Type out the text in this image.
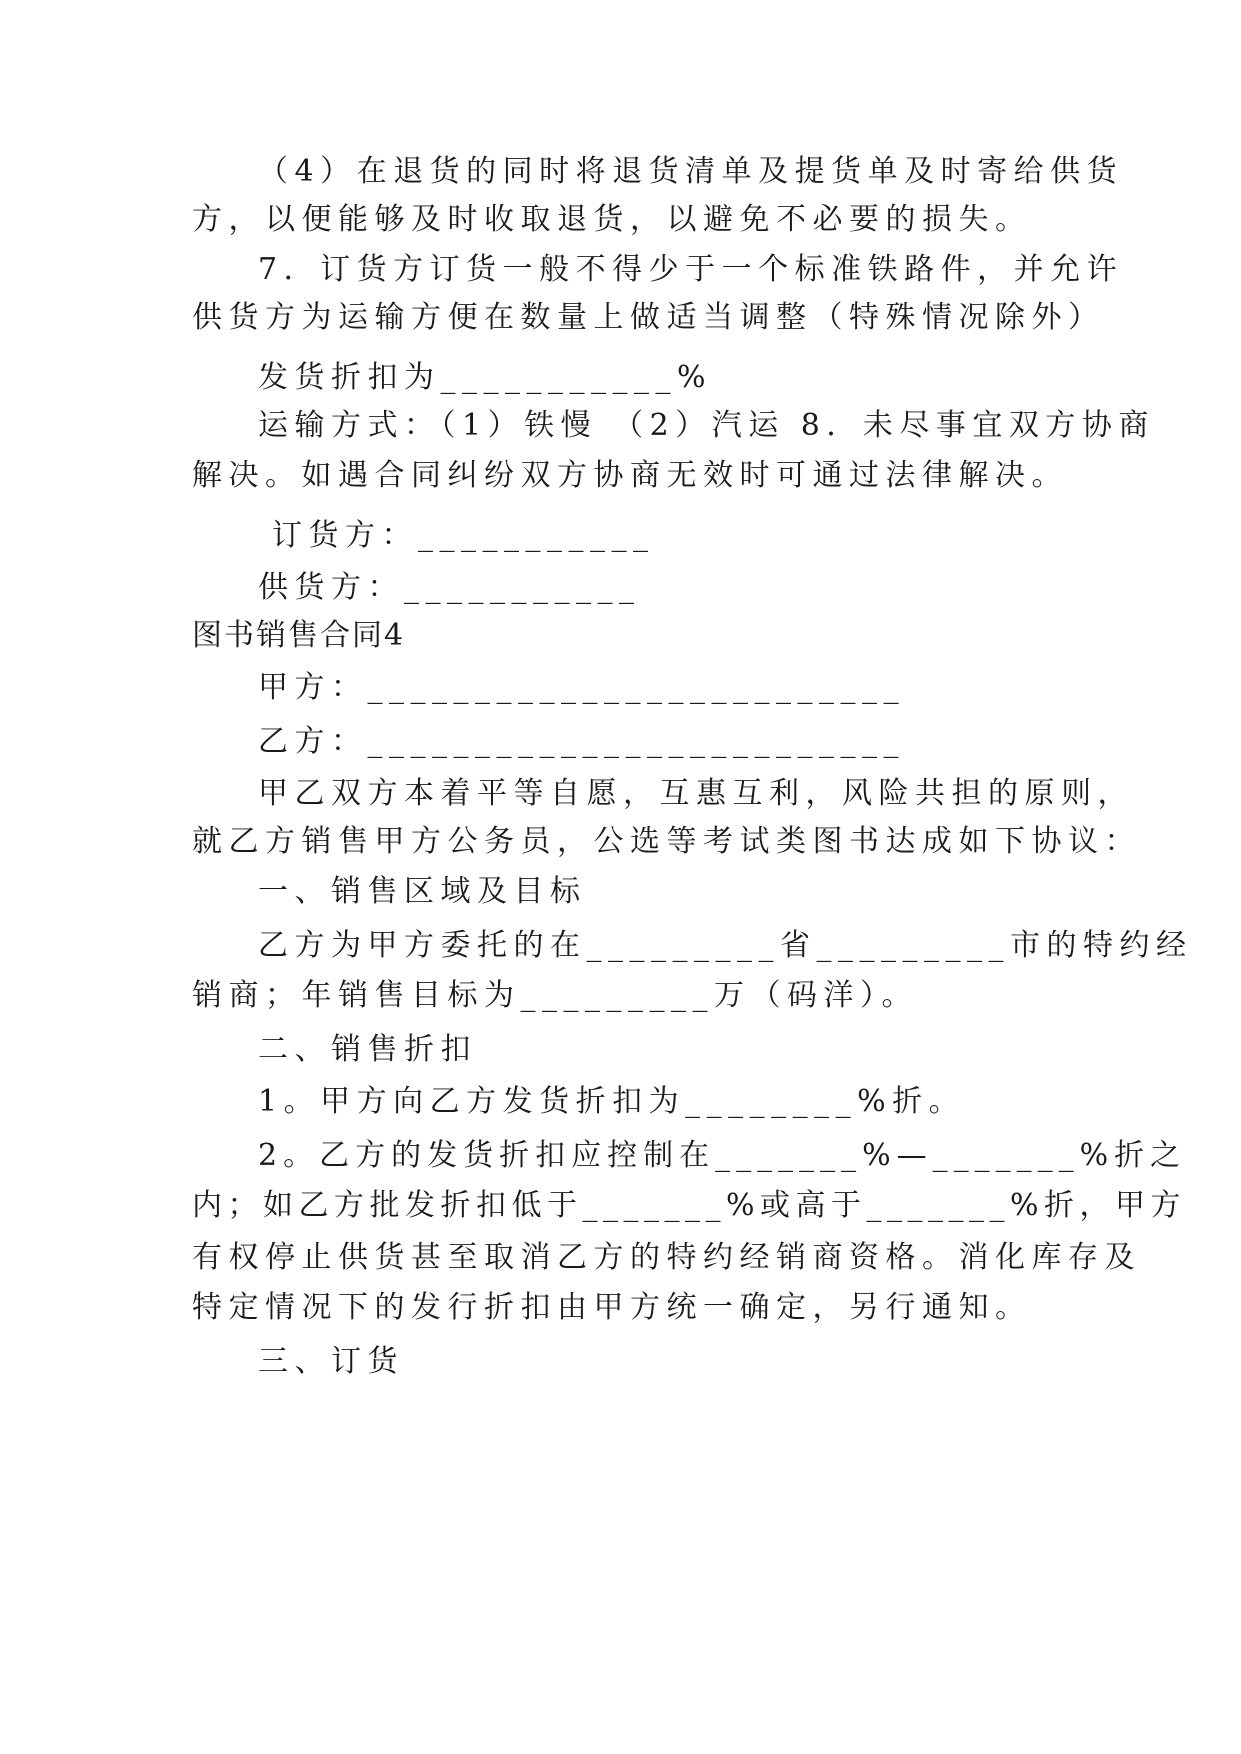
（4）在退货的同时将退货清单及提货单及时寄给供货
方，以便能够及时收取退货，以避免不必要的损失。
7．订货方订货一般不得少于一个标准铁路件，并允许
供货方为运输方便在数量上做适当调整（特殊情况除外）
发货折扣为___________%
运输方式：（1）铁慢 （2）汽运 8．未尽事宜双方协商
解决。如遇合同纠纷双方协商无效时可通过法律解决。
订货方：___________
供货方：___________
图书销售合同4
甲方：_________________________
乙方：_________________________
甲乙双方本着平等自愿，互惠互利，风险共担的原则，
就乙方销售甲方公务员，公选等考试类图书达成如下协议：
一、销售区域及目标
乙方为甲方委托的在_________省_________市的特约经
销商；年销售目标为_________万（码洋）。
二、销售折扣
1。甲方向乙方发货折扣为________%折。
2。乙方的发货折扣应控制在_______%—_______%折之
内；如乙方批发折扣低于_______%或高于_______%折，甲方
有权停止供货甚至取消乙方的特约经销商资格。消化库存及
特定情况下的发行折扣由甲方统一确定，另行通知。
三、订货
